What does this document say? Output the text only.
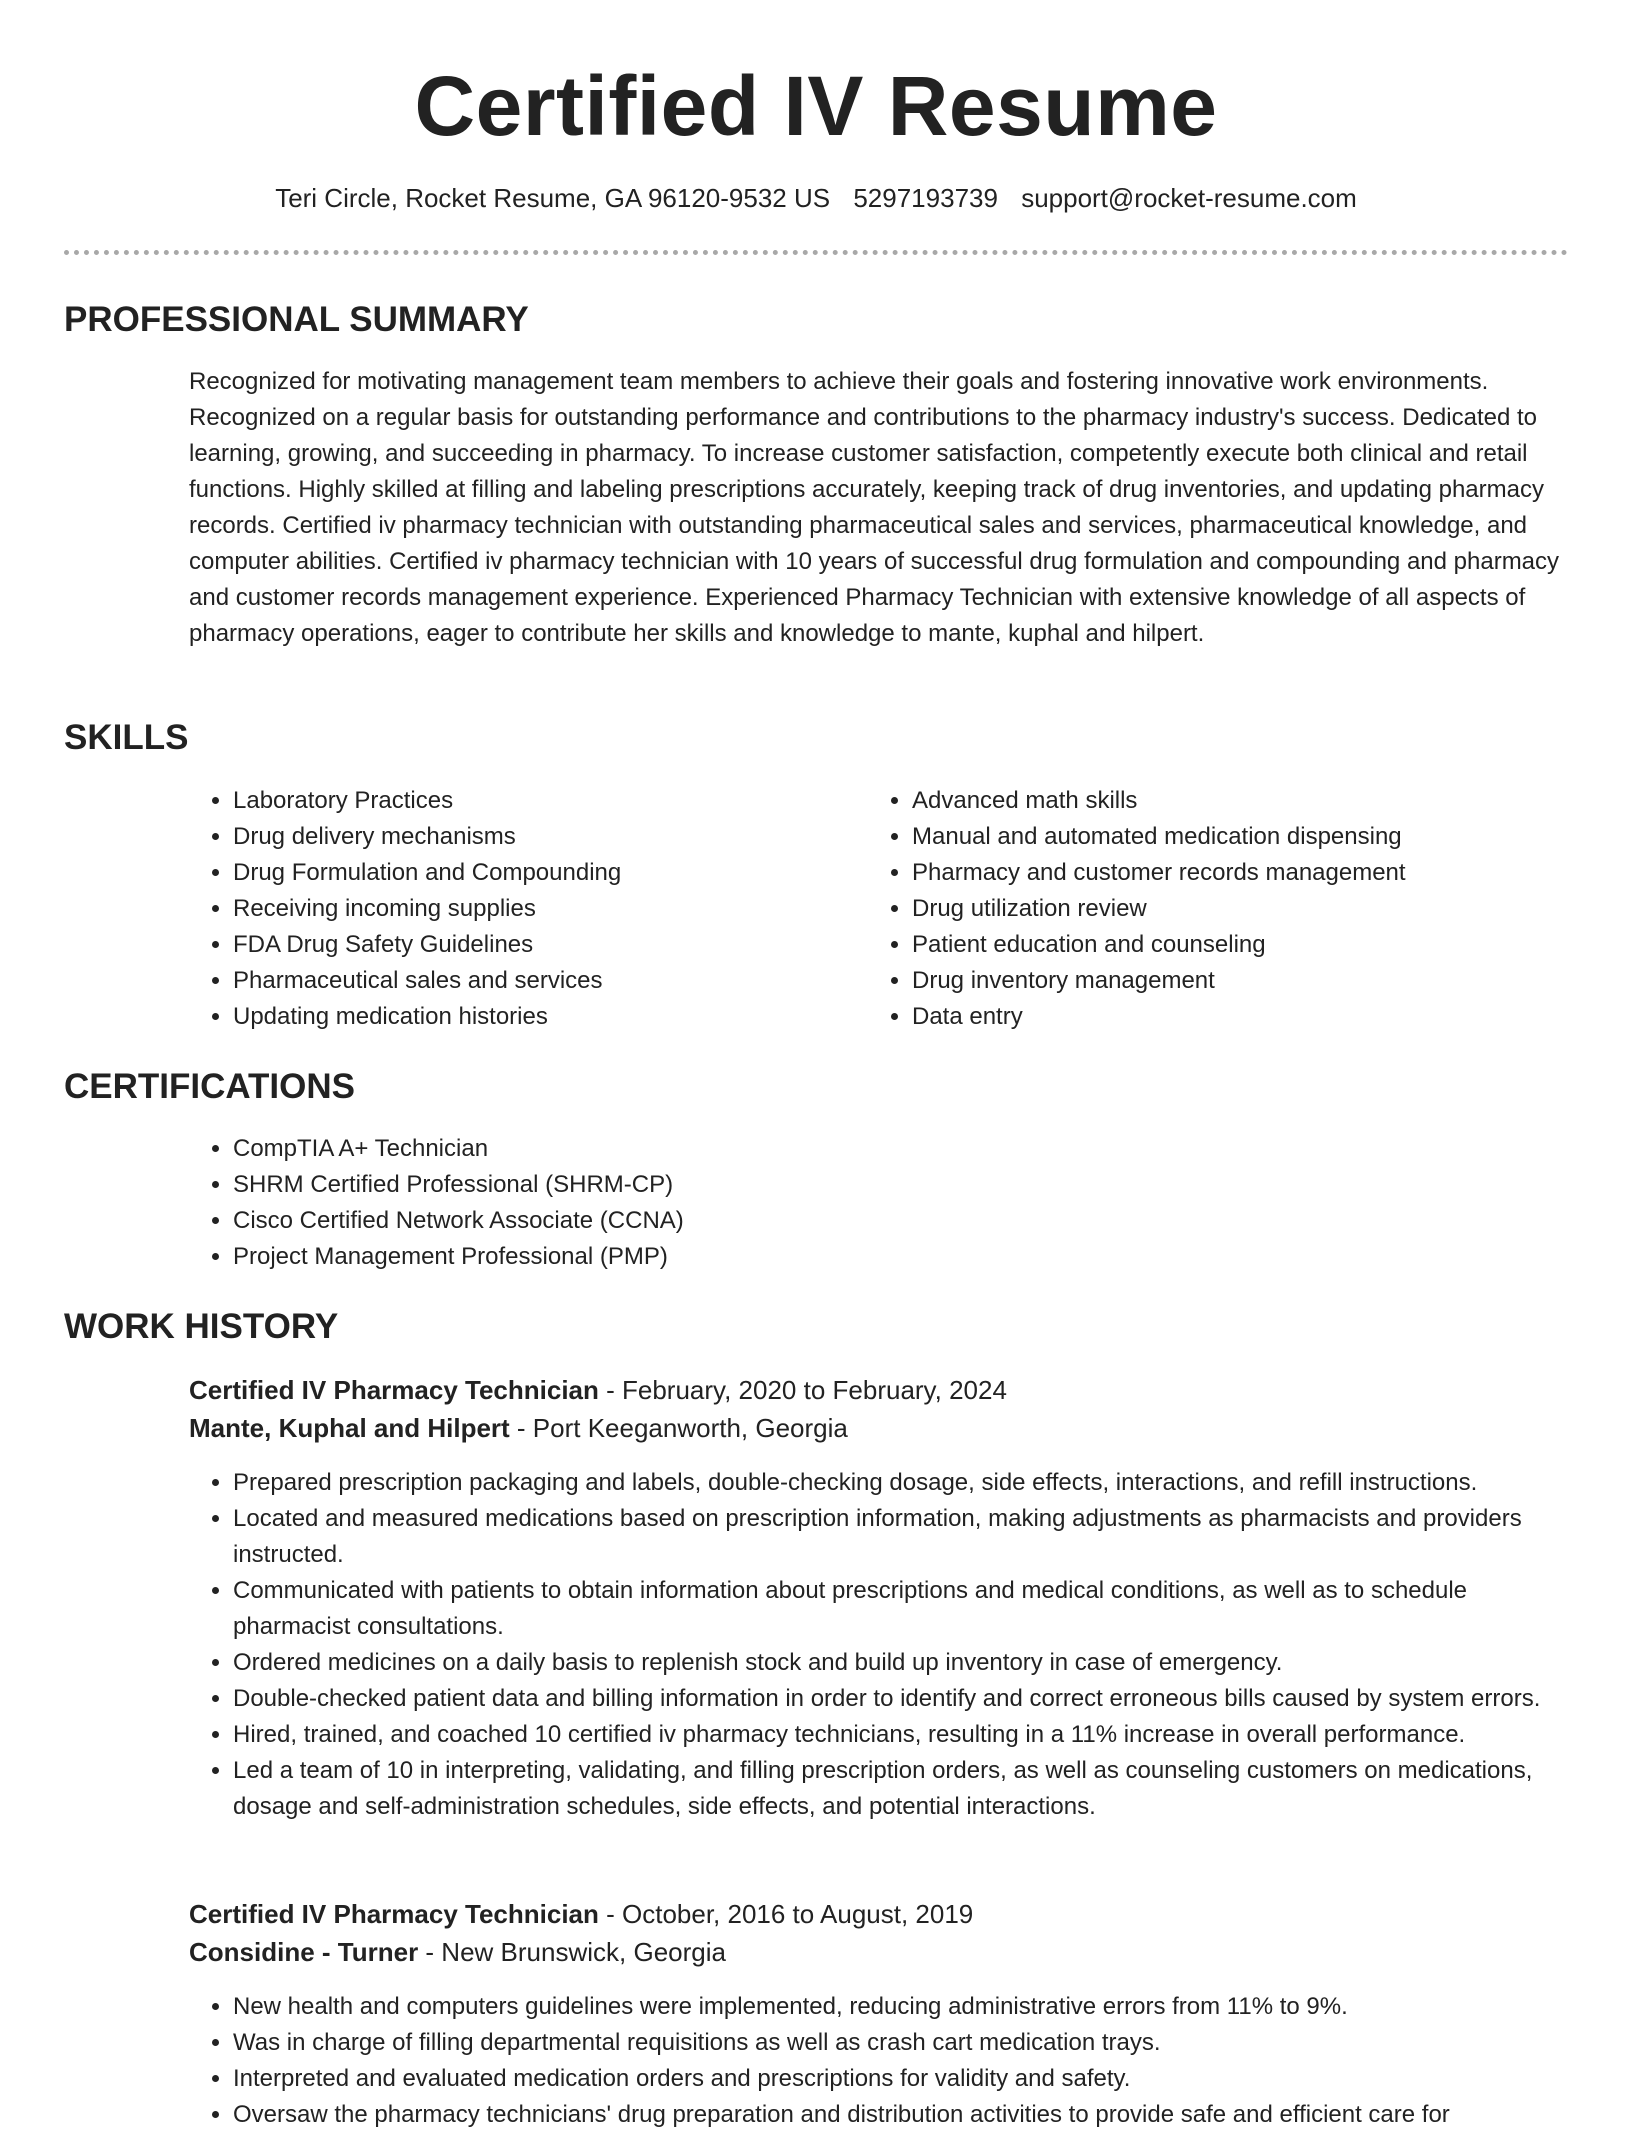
Certified IV Resume
Teri Circle, Rocket Resume, GA 96120-9532 US 5297193739 support@rocket-resume.com
PROFESSIONAL SUMMARY

Recognized for motivating management team members to achieve their goals and fostering innovative work environments. Recognized on a regular basis for outstanding performance and contributions to the pharmacy industry's success. Dedicated to learning, growing, and succeeding in pharmacy. To increase customer satisfaction, competently execute both clinical and retail functions. Highly skilled at filling and labeling prescriptions accurately, keeping track of drug inventories, and updating pharmacy records. Certified iv pharmacy technician with outstanding pharmaceutical sales and services, pharmaceutical knowledge, and computer abilities. Certified iv pharmacy technician with 10 years of successful drug formulation and compounding and pharmacy and customer records management experience. Experienced Pharmacy Technician with extensive knowledge of all aspects of pharmacy operations, eager to contribute her skills and knowledge to mante, kuphal and hilpert.

SKILLS
• Laboratory Practices
• Drug delivery mechanisms
• Drug Formulation and Compounding
• Receiving incoming supplies
• FDA Drug Safety Guidelines
• Pharmaceutical sales and services
• Updating medication histories
• Advanced math skills
• Manual and automated medication dispensing
• Pharmacy and customer records management
• Drug utilization review
• Patient education and counseling
• Drug inventory management
• Data entry
CERTIFICATIONS
• CompTIA A+ Technician
• SHRM Certified Professional (SHRM-CP)
• Cisco Certified Network Associate (CCNA)
• Project Management Professional (PMP)
WORK HISTORY
Certified IV Pharmacy Technician - February, 2020 to February, 2024
Mante, Kuphal and Hilpert - Port Keeganworth, Georgia
• Prepared prescription packaging and labels, double-checking dosage, side effects, interactions, and refill instructions.
• Located and measured medications based on prescription information, making adjustments as pharmacists and providers instructed.
• Communicated with patients to obtain information about prescriptions and medical conditions, as well as to schedule pharmacist consultations.
• Ordered medicines on a daily basis to replenish stock and build up inventory in case of emergency.
• Double-checked patient data and billing information in order to identify and correct erroneous bills caused by system errors.
• Hired, trained, and coached 10 certified iv pharmacy technicians, resulting in a 11% increase in overall performance.
• Led a team of 10 in interpreting, validating, and filling prescription orders, as well as counseling customers on medications, dosage and self-administration schedules, side effects, and potential interactions.
Certified IV Pharmacy Technician - October, 2016 to August, 2019
Considine - Turner - New Brunswick, Georgia
• New health and computers guidelines were implemented, reducing administrative errors from 11% to 9%.
• Was in charge of filling departmental requisitions as well as crash cart medication trays.
• Interpreted and evaluated medication orders and prescriptions for validity and safety.
• Oversaw the pharmacy technicians' drug preparation and distribution activities to provide safe and efficient care for
